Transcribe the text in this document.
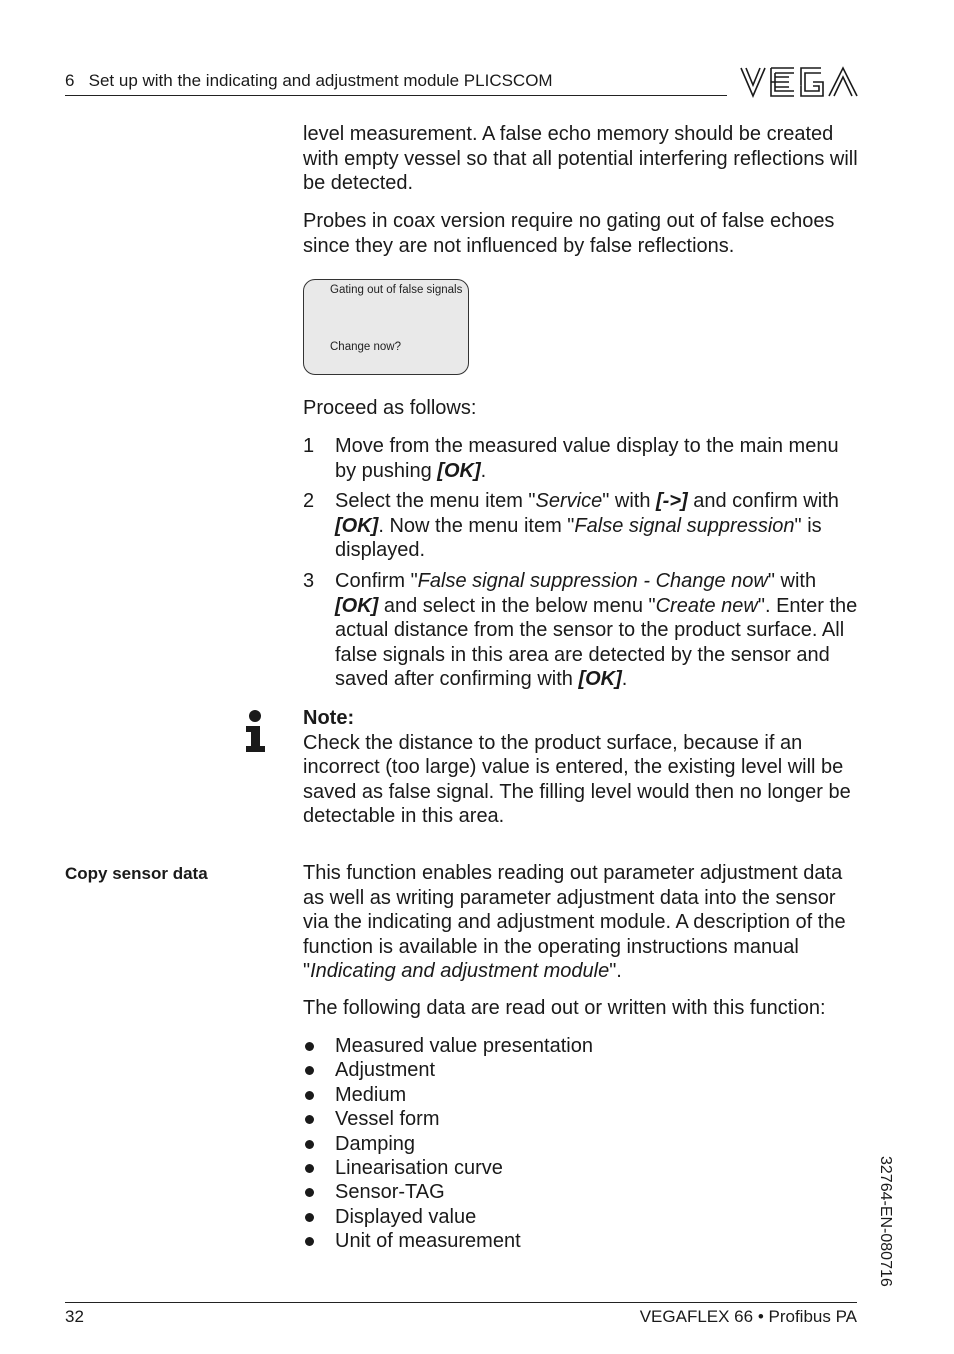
6   Set up with the indicating and adjustment module PLICSCOM	VEGA
level measurement. A false echo memory should be created with empty vessel so that all potential interfering reflections will be detected.
Probes in coax version require no gating out of false echoes since they are not influenced by false reflections.
Gating out of false signals
Change now?
Proceed as follows:
1 Move from the measured value display to the main menu by pushing [OK].
2 Select the menu item "Service" with [->] and confirm with [OK]. Now the menu item "False signal suppression" is displayed.
3 Confirm "False signal suppression - Change now" with [OK] and select in the below menu "Create new". Enter the actual distance from the sensor to the product surface. All false signals in this area are detected by the sensor and saved after confirming with [OK].
Note:
Check the distance to the product surface, because if an incorrect (too large) value is entered, the existing level will be saved as false signal. The filling level would then no longer be detectable in this area.
Copy sensor data	This function enables reading out parameter adjustment data as well as writing parameter adjustment data into the sensor via the indicating and adjustment module. A description of the function is available in the operating instructions manual "Indicating and adjustment module".
The following data are read out or written with this function:
Measured value presentation
Adjustment
Medium
Vessel form
Damping
Linearisation curve
Sensor-TAG
Displayed value
Unit of measurement	32764-EN-080716
32	VEGAFLEX 66 • Profibus PA
